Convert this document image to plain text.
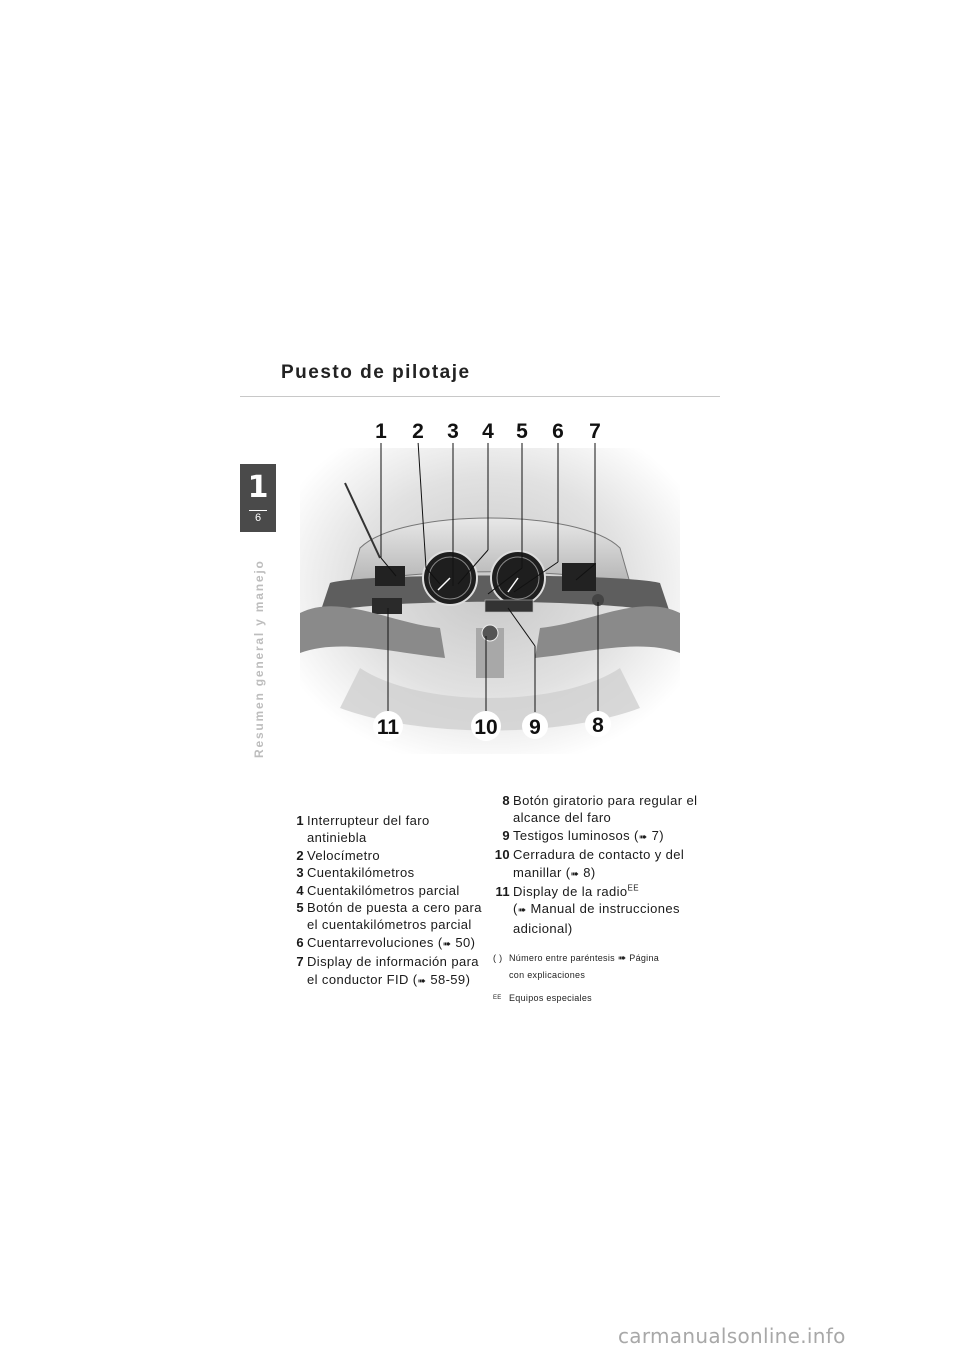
Puesto de pilotaje
1
6
Resumen general y manejo
1 2 3 4 5 6 7
11	10 9 8
1 Interrupteur del faro antiniebla
2 Velocímetro
3 Cuentakilómetros
4 Cuentakilómetros parcial
5 Botón de puesta a cero para el cuentakilómetros parcial
6 Cuentarrevoluciones (➠ 50)
7 Display de información para el conductor FID (➠ 58-59)
8 Botón giratorio para regular el alcance del faro
9 Testigos luminosos (➠ 7)
10 Cerradura de contacto y del manillar (➠ 8)
11 Display de la radio$^{EE}$
(➠ Manual de instrucciones adicional)
( ) Número entre paréntesis ➠ Página
con explicaciones
$^{EE}$ Equipos especiales
carmanualsonline.info
